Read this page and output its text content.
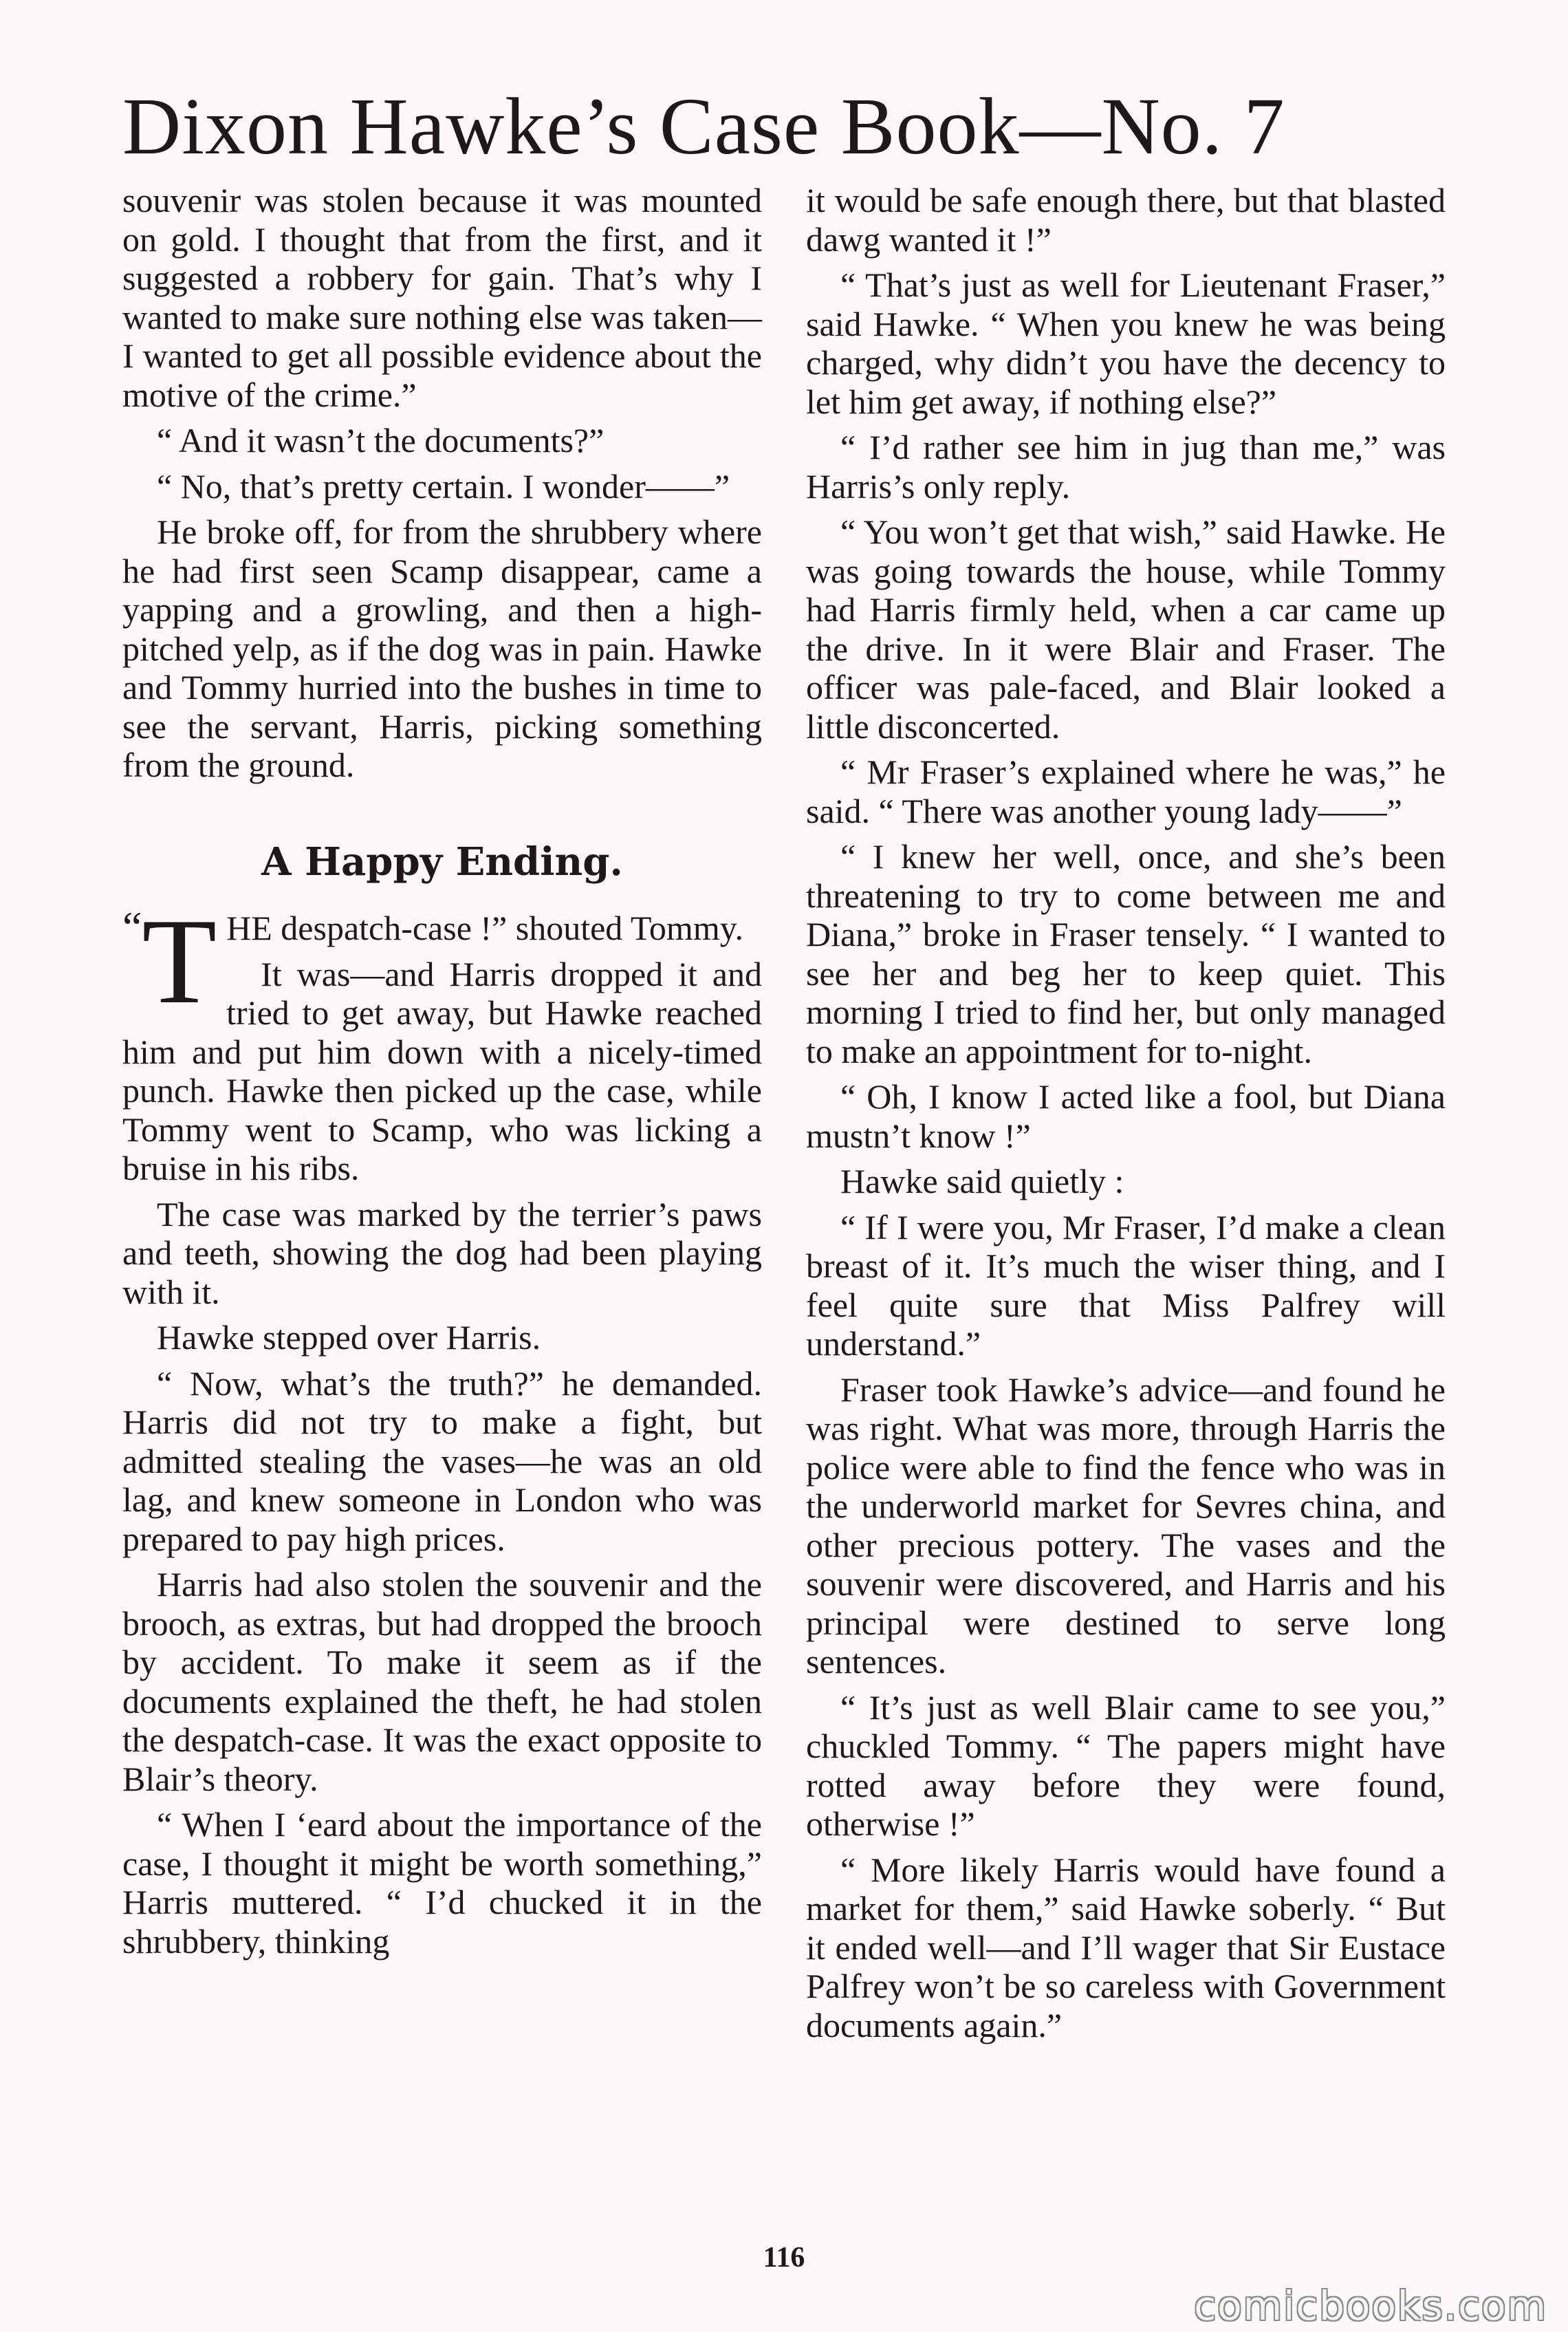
Dixon Hawke’s Case Book—No. 7

souvenir was stolen because it was mounted on gold. I thought that from the first, and it suggested a robbery for gain. That’s why I wanted to make sure nothing else was taken—I wanted to get all possible evidence about the motive of the crime.”

“ And it wasn’t the documents?”

“ No, that’s pretty certain. I wonder——”

He broke off, for from the shrubbery where he had first seen Scamp disappear, came a yapping and a growling, and then a high-pitched yelp, as if the dog was in pain. Hawke and Tommy hurried into the bushes in time to see the servant, Harris, picking something from the ground.

A Happy Ending.

“ T HE despatch-case !” shouted Tommy.

It was—and Harris dropped it and tried to get away, but Hawke reached him and put him down with a nicely-timed punch. Hawke then picked up the case, while Tommy went to Scamp, who was licking a bruise in his ribs.

The case was marked by the terrier’s paws and teeth, showing the dog had been playing with it.

Hawke stepped over Harris.

“ Now, what’s the truth?” he demanded. Harris did not try to make a fight, but admitted stealing the vases—he was an old lag, and knew someone in London who was prepared to pay high prices.

Harris had also stolen the souvenir and the brooch, as extras, but had dropped the brooch by accident. To make it seem as if the documents explained the theft, he had stolen the despatch-case. It was the exact opposite to Blair’s theory.

“ When I ‘eard about the importance of the case, I thought it might be worth something,” Harris muttered. “ I’d chucked it in the shrubbery, thinking

it would be safe enough there, but that blasted dawg wanted it !”

“ That’s just as well for Lieutenant Fraser,” said Hawke. “ When you knew he was being charged, why didn’t you have the decency to let him get away, if nothing else?”

“ I’d rather see him in jug than me,” was Harris’s only reply.

“ You won’t get that wish,” said Hawke. He was going towards the house, while Tommy had Harris firmly held, when a car came up the drive. In it were Blair and Fraser. The officer was pale-faced, and Blair looked a little disconcerted.

“ Mr Fraser’s explained where he was,” he said. “ There was another young lady——”

“ I knew her well, once, and she’s been threatening to try to come between me and Diana,” broke in Fraser tensely. “ I wanted to see her and beg her to keep quiet. This morning I tried to find her, but only managed to make an appointment for to-night.

“ Oh, I know I acted like a fool, but Diana mustn’t know !”

Hawke said quietly :

“ If I were you, Mr Fraser, I’d make a clean breast of it. It’s much the wiser thing, and I feel quite sure that Miss Palfrey will understand.”

Fraser took Hawke’s advice—and found he was right. What was more, through Harris the police were able to find the fence who was in the underworld market for Sevres china, and other precious pottery. The vases and the souvenir were discovered, and Harris and his principal were destined to serve long sentences.

“ It’s just as well Blair came to see you,” chuckled Tommy. “ The papers might have rotted away before they were found, otherwise !”

“ More likely Harris would have found a market for them,” said Hawke soberly. “ But it ended well—and I’ll wager that Sir Eustace Palfrey won’t be so careless with Government documents again.”

116
comicbooks.com
